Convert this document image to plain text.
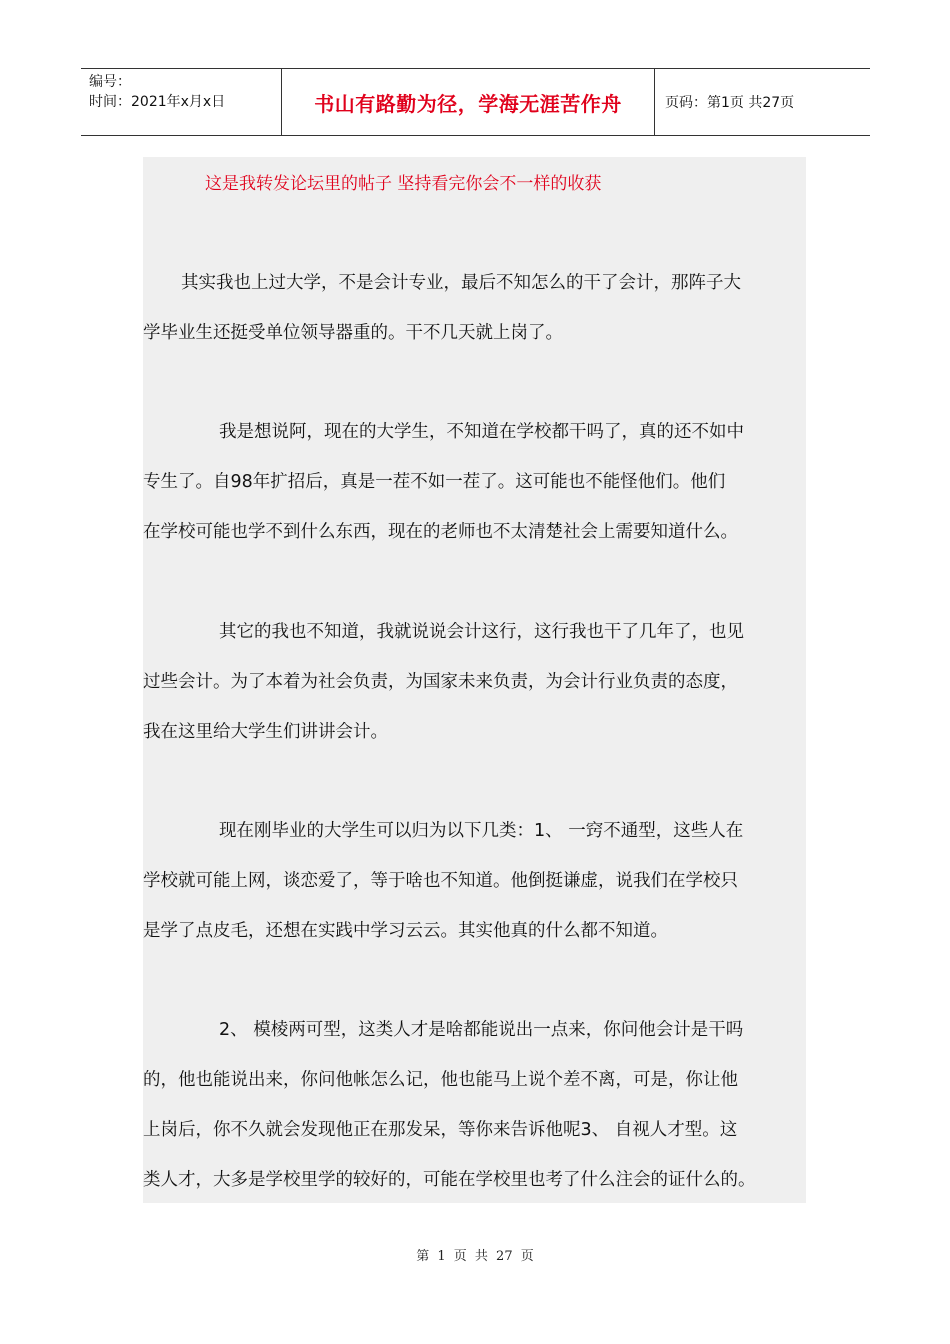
编号：
时间：2021年x月x日	书山有路勤为径，学海无涯苦作舟	页码：第1页 共27页
这是我转发论坛里的帖子 坚持看完你会不一样的收获
其实我也上过大学，不是会计专业，最后不知怎么的干了会计，那阵子大
学毕业生还挺受单位领导器重的。干不几天就上岗了。
我是想说阿，现在的大学生，不知道在学校都干吗了，真的还不如中
专生了。自98年扩招后，真是一茬不如一茬了。这可能也不能怪他们。他们
在学校可能也学不到什么东西，现在的老师也不太清楚社会上需要知道什么。
其它的我也不知道，我就说说会计这行，这行我也干了几年了，也见
过些会计。为了本着为社会负责，为国家未来负责，为会计行业负责的态度，
我在这里给大学生们讲讲会计。
现在刚毕业的大学生可以归为以下几类：1、 一窍不通型，这些人在
学校就可能上网，谈恋爱了，等于啥也不知道。他倒挺谦虚，说我们在学校只
是学了点皮毛，还想在实践中学习云云。其实他真的什么都不知道。
2、 模棱两可型，这类人才是啥都能说出一点来，你问他会计是干吗
的，他也能说出来，你问他帐怎么记，他也能马上说个差不离，可是，你让他
上岗后，你不久就会发现他正在那发呆，等你来告诉他呢3、 自视人才型。这
类人才，大多是学校里学的较好的，可能在学校里也考了什么注会的证什么的。
第 1 页 共 27 页
